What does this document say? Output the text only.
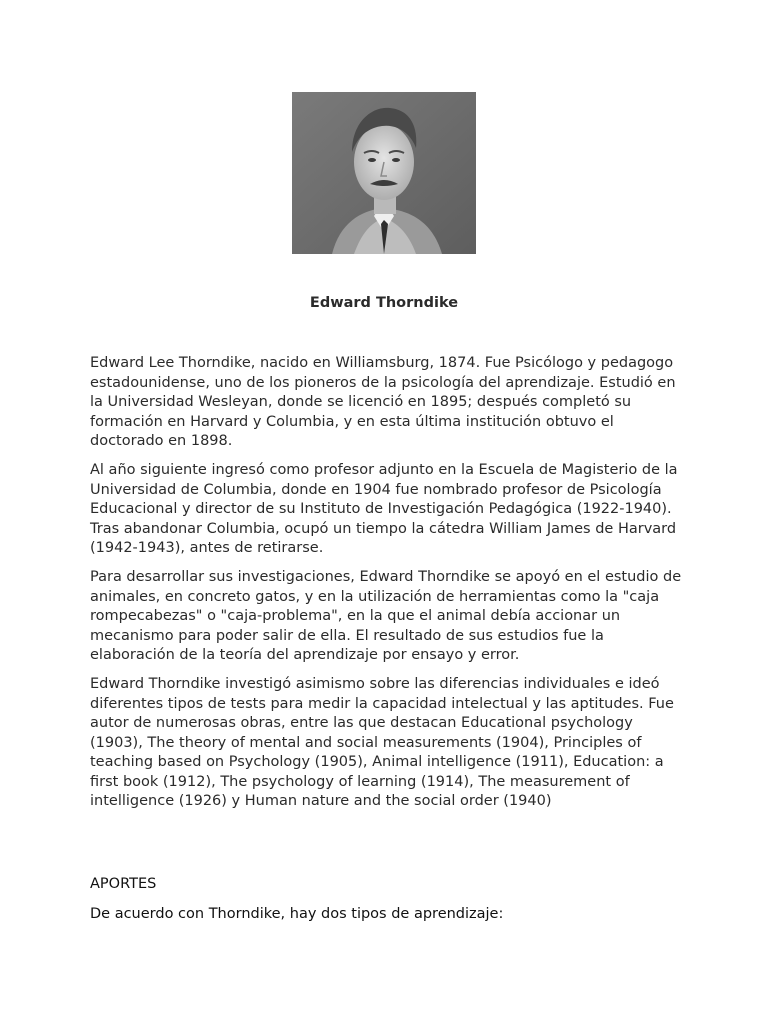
Edward Thorndike

Edward Lee Thorndike, nacido en Williamsburg, 1874. Fue Psicólogo y pedagogo estadounidense, uno de los pioneros de la psicología del aprendizaje. Estudió en la Universidad Wesleyan, donde se licenció en 1895; después completó su formación en Harvard y Columbia, y en esta última institución obtuvo el doctorado en 1898.

Al año siguiente ingresó como profesor adjunto en la Escuela de Magisterio de la Universidad de Columbia, donde en 1904 fue nombrado profesor de Psicología Educacional y director de su Instituto de Investigación Pedagógica (1922-1940). Tras abandonar Columbia, ocupó un tiempo la cátedra William James de Harvard (1942-1943), antes de retirarse.

Para desarrollar sus investigaciones, Edward Thorndike se apoyó en el estudio de animales, en concreto gatos, y en la utilización de herramientas como la "caja rompecabezas" o "caja-problema", en la que el animal debía accionar un mecanismo para poder salir de ella. El resultado de sus estudios fue la elaboración de la teoría del aprendizaje por ensayo y error.

Edward Thorndike investigó asimismo sobre las diferencias individuales e ideó diferentes tipos de tests para medir la capacidad intelectual y las aptitudes. Fue autor de numerosas obras, entre las que destacan Educational psychology (1903), The theory of mental and social measurements (1904), Principles of teaching based on Psychology (1905), Animal intelligence (1911), Education: a first book (1912), The psychology of learning (1914), The measurement of intelligence (1926) y Human nature and the social order (1940)

APORTES
De acuerdo con Thorndike, hay dos tipos de aprendizaje:
